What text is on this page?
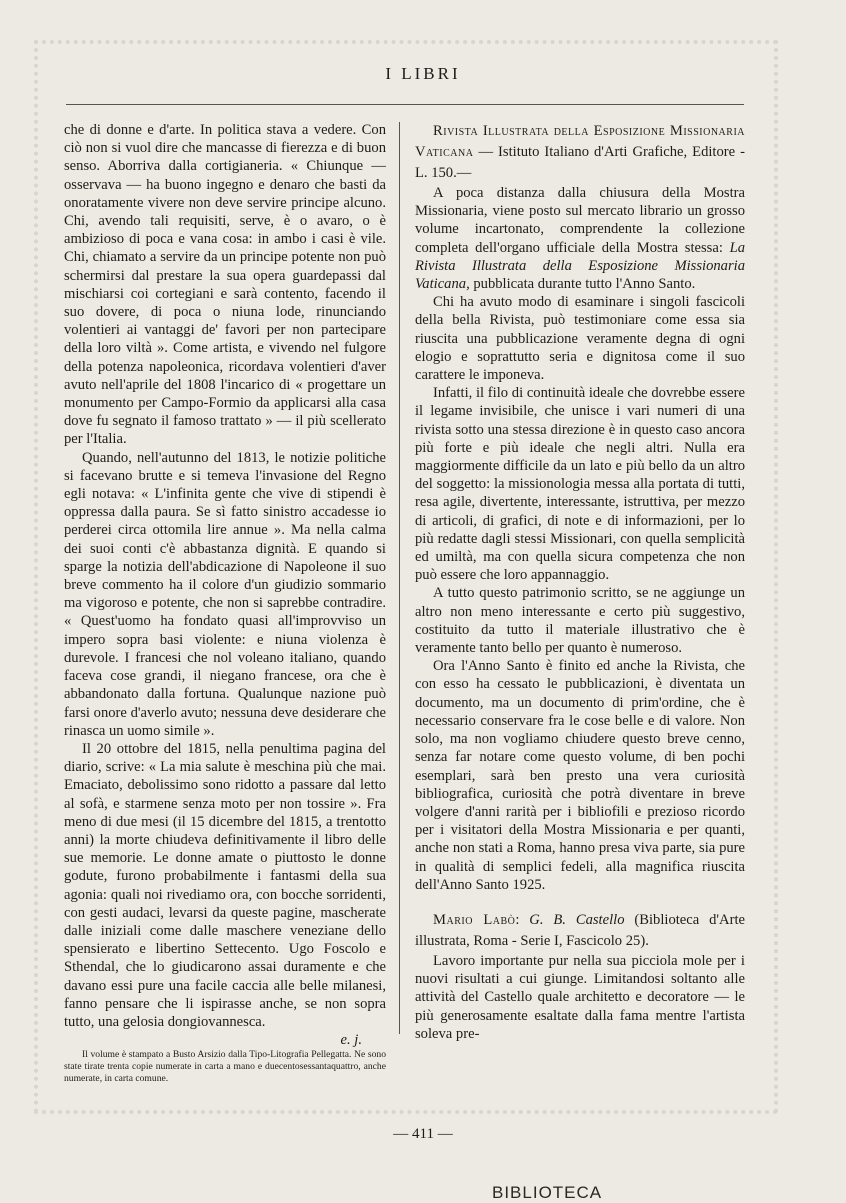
I LIBRI

che di donne e d'arte. In politica stava a vedere. Con ciò non si vuol dire che mancasse di fierezza e di buon senso. Aborriva dalla cortigianeria. « Chiunque — osservava — ha buono ingegno e denaro che basti da onoratamente vivere non deve servire principe alcuno. Chi, avendo tali requisiti, serve, è o avaro, o è ambizioso di poca e vana cosa: in ambo i casi è vile. Chi, chiamato a servire da un principe potente non può schermirsi dal prestare la sua opera guardерassi dal mischiarsi coi cortegiani e sarà contento, facendo il suo dovere, di poca o niuna lode, rinunciando volentieri ai vantaggi de' favori per non partecipare della loro viltà ». Come artista, e vivendo nel fulgore della potenza napoleonica, ricordava volentieri d'aver avuto nell'aprile del 1808 l'incarico di « progettare un monumento per Campo-Formio da applicarsi alla casa dove fu segnato il famoso trattato » — il più scellerato per l'Italia.

Quando, nell'autunno del 1813, le notizie politiche si facevano brutte e si temeva l'invasione del Regno egli notava: « L'infinita gente che vive di stipendi è oppressa dalla paura. Se sì fatto sinistro accadesse io perderei circa ottomila lire annue ». Ma nella calma dei suoi conti c'è abbastanza dignità. E quando si sparge la notizia dell'abdicazione di Napoleone il suo breve commento ha il colore d'un giudizio sommario ma vigoroso e potente, che non si saprebbe contradire. « Quest'uomo ha fondato quasi all'improvviso un impero sopra basi violente: e niuna violenza è durevole. I francesi che nol voleano italiano, quando faceva cose grandi, il niegano francese, ora che è abbandonato dalla fortuna. Qualunque nazione può farsi onore d'averlo avuto; nessuna deve desiderare che rinasca un uomo simile ».

Il 20 ottobre del 1815, nella penultima pagina del diario, scrive: « La mia salute è meschina più che mai. Emaciato, debolissimo sono ridotto a passare dal letto al sofà, e starmene senza moto per non tossire ». Fra meno di due mesi (il 15 dicembre del 1815, a trentotto anni) la morte chiudeva definitivamente il libro delle sue memorie. Le donne amate o piuttosto le donne godute, furono probabilmente i fantasmi della sua agonia: quali noi rivediamo ora, con bocche sorridenti, con gesti audaci, levarsi da queste pagine, mascherate dalle iniziali come dalle maschere veneziane dello spensierato e libertino Settecento. Ugo Foscolo e Sthendal, che lo giudicarono assai duramente e che davano essi pure una facile caccia alle belle milanesi, fanno pensare che li ispirasse anche, se non sopra tutto, una gelosia dongiovannesca.

e. j.

Il volume è stampato a Busto Arsizio dalla Tipo-Litografia Pellegatta. Ne sono state tirate trenta copie numerate in carta a mano e duecentosessantaquattro, anche numerate, in carta comune.

Rivista Illustrata della Esposizione Missionaria Vaticana — Istituto Italiano d'Arti Grafiche, Editore - L. 150.—

A poca distanza dalla chiusura della Mostra Missionaria, viene posto sul mercato librario un grosso volume incartonato, comprendente la collezione completa dell'organo ufficiale della Mostra stessa: La Rivista Illustrata della Esposizione Missionaria Vaticana, pubblicata durante tutto l'Anno Santo.

Chi ha avuto modo di esaminare i singoli fascicoli della bella Rivista, può testimoniare come essa sia riuscita una pubblicazione veramente degna di ogni elogio e soprattutto seria e dignitosa come il suo carattere le imponeva.

Infatti, il filo di continuità ideale che dovrebbe essere il legame invisibile, che unisce i vari numeri di una rivista sotto una stessa direzione è in questo caso ancora più forte e più ideale che negli altri. Nulla era maggiormente difficile da un lato e più bello da un altro del soggetto: la missionologia messa alla portata di tutti, resa agile, divertente, interessante, istruttiva, per mezzo di articoli, di grafici, di note e di informazioni, per lo più redatte dagli stessi Missionari, con quella semplicità ed umiltà, ma con quella sicura competenza che non può essere che loro appannaggio.

A tutto questo patrimonio scritto, se ne aggiunge un altro non meno interessante e certo più suggestivo, costituito da tutto il materiale illustrativo che è veramente tanto bello per quanto è numeroso.

Ora l'Anno Santo è finito ed anche la Rivista, che con esso ha cessato le pubblicazioni, è diventata un documento, ma un documento di prim'ordine, che è necessario conservare fra le cose belle e di valore. Non solo, ma non vogliamo chiudere questo breve cenno, senza far notare come questo volume, di ben pochi esemplari, sarà ben presto una vera curiosità bibliografica, curiosità che potrà diventare in breve volgere d'anni rarità per i bibliofili e prezioso ricordo per i visitatori della Mostra Missionaria e per quanti, anche non stati a Roma, hanno presa viva parte, sia pure in qualità di semplici fedeli, alla magnifica riuscita dell'Anno Santo 1925.

Mario Labò: G. B. Castello (Biblioteca d'Arte illustrata, Roma - Serie I, Fascicolo 25).

Lavoro importante pur nella sua picciola mole per i nuovi risultati a cui giunge. Limitandosi soltanto alle attività del Castello quale architetto e decoratore — le più generosamente esaltate dalla fama mentre l'artista soleva pre-

— 411 —
BIBLIOTECA
